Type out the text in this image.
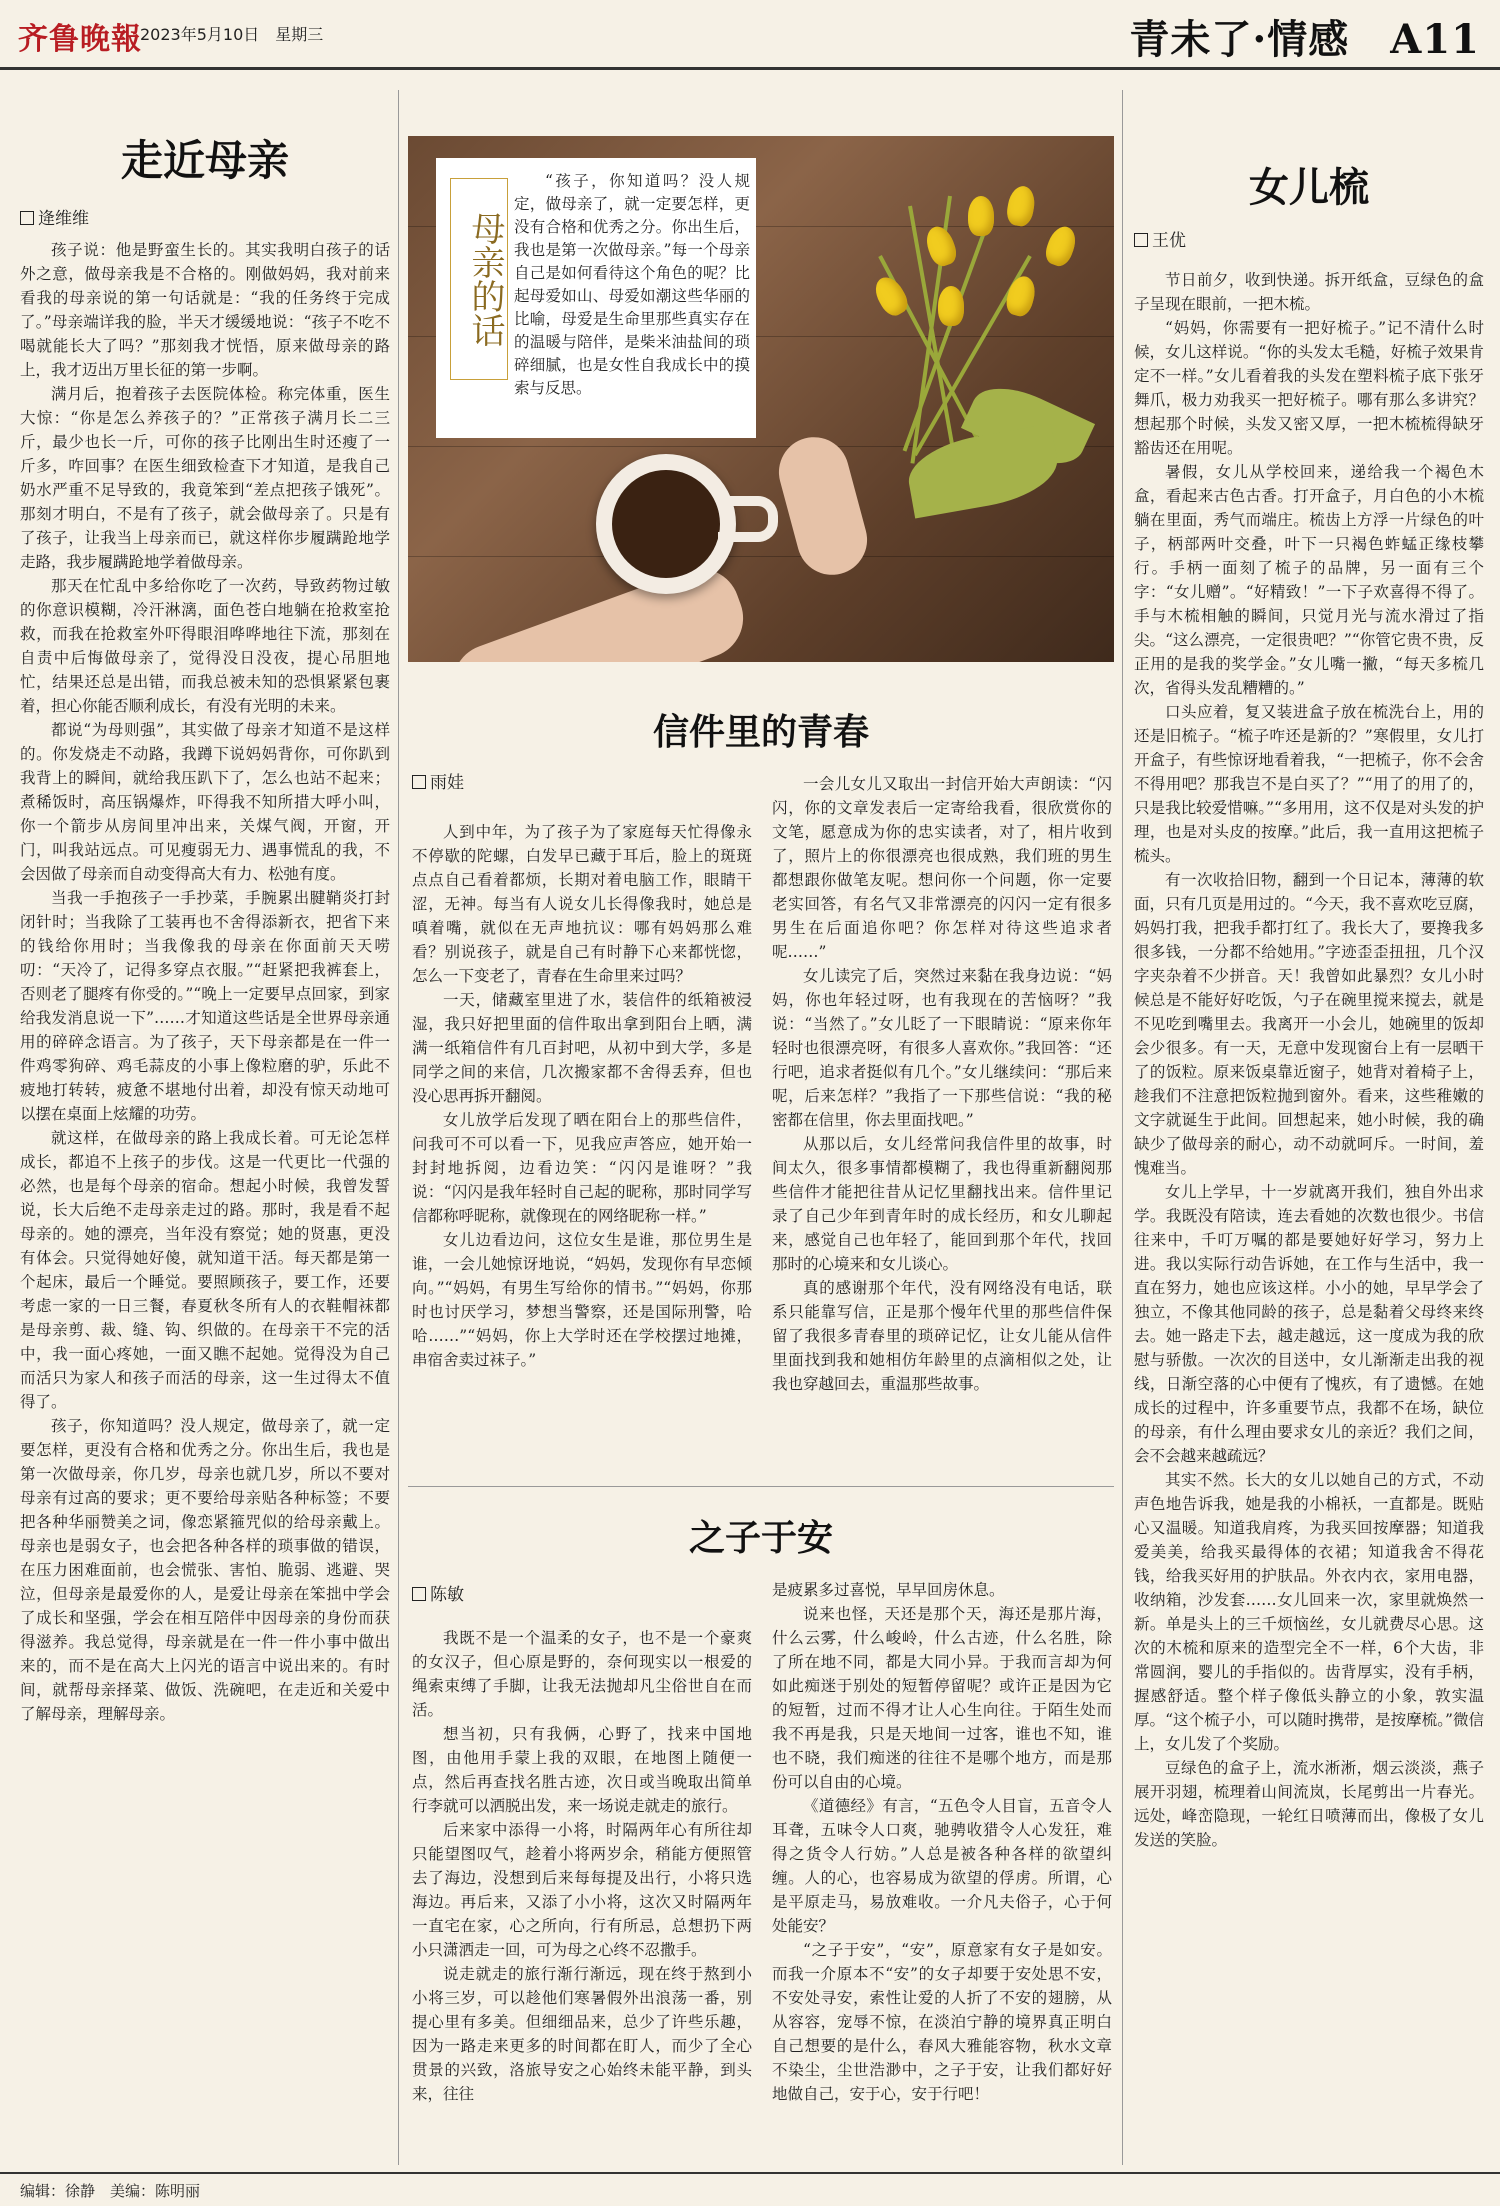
齐鲁晚報
2023年5月10日　星期三	青未了·情感　A11
走近母亲
逄维维

孩子说：他是野蛮生长的。其实我明白孩子的话外之意，做母亲我是不合格的。刚做妈妈，我对前来看我的母亲说的第一句话就是：“我的任务终于完成了。”母亲端详我的脸，半天才缓缓地说：“孩子不吃不喝就能长大了吗？”那刻我才恍悟，原来做母亲的路上，我才迈出万里长征的第一步啊。

满月后，抱着孩子去医院体检。称完体重，医生大惊：“你是怎么养孩子的？”正常孩子满月长二三斤，最少也长一斤，可你的孩子比刚出生时还瘦了一斤多，咋回事？在医生细致检查下才知道，是我自己奶水严重不足导致的，我竟笨到“差点把孩子饿死”。那刻才明白，不是有了孩子，就会做母亲了。只是有了孩子，让我当上母亲而已，就这样你步履蹒跄地学走路，我步履蹒跄地学着做母亲。

那天在忙乱中多给你吃了一次药，导致药物过敏的你意识模糊，冷汗淋漓，面色苍白地躺在抢救室抢救，而我在抢救室外吓得眼泪哗哗地往下流，那刻在自责中后悔做母亲了，觉得没日没夜，提心吊胆地忙，结果还总是出错，而我总被未知的恐惧紧紧包裹着，担心你能否顺利成长，有没有光明的未来。

都说“为母则强”，其实做了母亲才知道不是这样的。你发烧走不动路，我蹲下说妈妈背你，可你趴到我背上的瞬间，就给我压趴下了，怎么也站不起来；煮稀饭时，高压锅爆炸，吓得我不知所措大呼小叫，你一个箭步从房间里冲出来，关煤气阀，开窗，开门，叫我站远点。可见瘦弱无力、遇事慌乱的我，不会因做了母亲而自动变得高大有力、松弛有度。

当我一手抱孩子一手抄菜，手腕累出腱鞘炎打封闭针时；当我除了工装再也不舍得添新衣，把省下来的钱给你用时；当我像我的母亲在你面前天天唠叨：“天冷了，记得多穿点衣服。”“赶紧把我裤套上，否则老了腿疼有你受的。”“晚上一定要早点回家，到家给我发消息说一下”……才知道这些话是全世界母亲通用的碎碎念语言。为了孩子，天下母亲都是在一件一件鸡零狗碎、鸡毛蒜皮的小事上像粒磨的驴，乐此不疲地打转转，疲惫不堪地付出着，却没有惊天动地可以摆在桌面上炫耀的功劳。

就这样，在做母亲的路上我成长着。可无论怎样成长，都追不上孩子的步伐。这是一代更比一代强的必然，也是每个母亲的宿命。想起小时候，我曾发誓说，长大后绝不走母亲走过的路。那时，我是看不起母亲的。她的漂亮，当年没有察觉；她的贤惠，更没有体会。只觉得她好傻，就知道干活。每天都是第一个起床，最后一个睡觉。要照顾孩子，要工作，还要考虑一家的一日三餐，春夏秋冬所有人的衣鞋帽袜都是母亲剪、裁、缝、钩、织做的。在母亲干不完的活中，我一面心疼她，一面又瞧不起她。觉得没为自己而活只为家人和孩子而活的母亲，这一生过得太不值得了。

孩子，你知道吗？没人规定，做母亲了，就一定要怎样，更没有合格和优秀之分。你出生后，我也是第一次做母亲，你几岁，母亲也就几岁，所以不要对母亲有过高的要求；更不要给母亲贴各种标签；不要把各种华丽赞美之词，像恋紧箍咒似的给母亲戴上。母亲也是弱女子，也会把各种各样的琐事做的错误，在压力困难面前，也会慌张、害怕、脆弱、逃避、哭泣，但母亲是最爱你的人，是爱让母亲在笨拙中学会了成长和坚强，学会在相互陪伴中因母亲的身份而获得滋养。我总觉得，母亲就是在一件一件小事中做出来的，而不是在高大上闪光的语言中说出来的。有时间，就帮母亲择菜、做饭、洗碗吧，在走近和关爱中了解母亲，理解母亲。

母亲的话
“孩子，你知道吗？没人规定，做母亲了，就一定要怎样，更没有合格和优秀之分。你出生后，我也是第一次做母亲。”每一个母亲自己是如何看待这个角色的呢？比起母爱如山、母爱如潮这些华丽的比喻，母爱是生命里那些真实存在的温暖与陪伴，是柴米油盐间的琐碎细腻，也是女性自我成长中的摸索与反思。
信件里的青春
雨娃

人到中年，为了孩子为了家庭每天忙得像永不停歇的陀螺，白发早已藏于耳后，脸上的斑斑点点自己看着都烦，长期对着电脑工作，眼睛干涩，无神。每当有人说女儿长得像我时，她总是嗔着嘴，就似在无声地抗议：哪有妈妈那么难看？别说孩子，就是自己有时静下心来都恍惚，怎么一下变老了，青春在生命里来过吗？

一天，储藏室里进了水，装信件的纸箱被浸湿，我只好把里面的信件取出拿到阳台上晒，满满一纸箱信件有几百封吧，从初中到大学，多是同学之间的来信，几次搬家都不舍得丢弃，但也没心思再拆开翻阅。

女儿放学后发现了晒在阳台上的那些信件，问我可不可以看一下，见我应声答应，她开始一封封地拆阅，边看边笑：“闪闪是谁呀？”我说：“闪闪是我年轻时自己起的昵称，那时同学写信都称呼昵称，就像现在的网络昵称一样。”

女儿边看边问，这位女生是谁，那位男生是谁，一会儿她惊讶地说，“妈妈，发现你有早恋倾向。”“妈妈，有男生写给你的情书。”“妈妈，你那时也讨厌学习，梦想当警察，还是国际刑警，哈哈……”“妈妈，你上大学时还在学校摆过地摊，串宿舍卖过袜子。”

一会儿女儿又取出一封信开始大声朗读：“闪闪，你的文章发表后一定寄给我看，很欣赏你的文笔，愿意成为你的忠实读者，对了，相片收到了，照片上的你很漂亮也很成熟，我们班的男生都想跟你做笔友呢。想问你一个问题，你一定要老实回答，有名气又非常漂亮的闪闪一定有很多男生在后面追你吧？你怎样对待这些追求者呢……”

女儿读完了后，突然过来黏在我身边说：“妈妈，你也年轻过呀，也有我现在的苦恼呀？”我说：“当然了。”女儿眨了一下眼睛说：“原来你年轻时也很漂亮呀，有很多人喜欢你。”我回答：“还行吧，追求者挺似有几个。”女儿继续问：“那后来呢，后来怎样？”我指了一下那些信说：“我的秘密都在信里，你去里面找吧。”

从那以后，女儿经常问我信件里的故事，时间太久，很多事情都模糊了，我也得重新翻阅那些信件才能把往昔从记忆里翻找出来。信件里记录了自己少年到青年时的成长经历，和女儿聊起来，感觉自己也年轻了，能回到那个年代，找回那时的心境来和女儿谈心。

真的感谢那个年代，没有网络没有电话，联系只能靠写信，正是那个慢年代里的那些信件保留了我很多青春里的琐碎记忆，让女儿能从信件里面找到我和她相仿年龄里的点滴相似之处，让我也穿越回去，重温那些故事。

之子于安
陈敏

我既不是一个温柔的女子，也不是一个豪爽的女汉子，但心原是野的，奈何现实以一根爱的绳索束缚了手脚，让我无法抛却凡尘俗世自在而活。

想当初，只有我俩，心野了，找来中国地图，由他用手蒙上我的双眼，在地图上随便一点，然后再查找名胜古迹，次日或当晚取出简单行李就可以洒脱出发，来一场说走就走的旅行。

后来家中添得一小将，时隔两年心有所往却只能望图叹气，趁着小将两岁余，稍能方便照管去了海边，没想到后来每每提及出行，小将只选海边。再后来，又添了小小将，这次又时隔两年一直宅在家，心之所向，行有所忌，总想扔下两小只潇洒走一回，可为母之心终不忍撒手。

说走就走的旅行渐行渐远，现在终于熬到小小将三岁，可以趁他们寒暑假外出浪荡一番，别提心里有多美。但细细品来，总少了许些乐趣，因为一路走来更多的时间都在盯人，而少了全心贯景的兴致，洛旅导安之心始终未能平静，到头来，往往

是疲累多过喜悦，早早回房休息。

说来也怪，天还是那个天，海还是那片海，什么云雾，什么峻岭，什么古迹，什么名胜，除了所在地不同，都是大同小异。于我而言却为何如此痴迷于别处的短暂停留呢？或许正是因为它的短暂，过而不得才让人心生向往。于陌生处而我不再是我，只是天地间一过客，谁也不知，谁也不晓，我们痴迷的往往不是哪个地方，而是那份可以自由的心境。

《道德经》有言，“五色令人目盲，五音令人耳聋，五味令人口爽，驰骋收猎令人心发狂，难得之货令人行妨。”人总是被各种各样的欲望纠缠。人的心，也容易成为欲望的俘虏。所谓，心是平原走马，易放难收。一介凡夫俗子，心于何处能安？

“之子于安”，“安”，原意家有女子是如安。而我一介原本不“安”的女子却要于安处思不安，不安处寻安，索性让爱的人折了不安的翅膀，从从容容，宠辱不惊，在淡泊宁静的境界真正明白自己想要的是什么，春风大雅能容物，秋水文章不染尘，尘世浩渺中，之子于安，让我们都好好地做自己，安于心，安于行吧！

女儿梳
王优

节日前夕，收到快递。拆开纸盒，豆绿色的盒子呈现在眼前，一把木梳。

“妈妈，你需要有一把好梳子。”记不清什么时候，女儿这样说。“你的头发太毛糙，好梳子效果肯定不一样。”女儿看着我的头发在塑料梳子底下张牙舞爪，极力劝我买一把好梳子。哪有那么多讲究？想起那个时候，头发又密又厚，一把木梳梳得缺牙豁齿还在用呢。

暑假，女儿从学校回来，递给我一个褐色木盒，看起来古色古香。打开盒子，月白色的小木梳躺在里面，秀气而端庄。梳齿上方浮一片绿色的叶子，柄部两叶交叠，叶下一只褐色蚱蜢正缘枝攀行。手柄一面刻了梳子的品牌，另一面有三个字：“女儿赠”。“好精致！”一下子欢喜得不得了。手与木梳相触的瞬间，只觉月光与流水滑过了指尖。“这么漂亮，一定很贵吧？”“你管它贵不贵，反正用的是我的奖学金。”女儿嘴一撇，“每天多梳几次，省得头发乱糟糟的。”

口头应着，复又装进盒子放在梳洗台上，用的还是旧梳子。“梳子咋还是新的？”寒假里，女儿打开盒子，有些惊讶地看着我，“一把梳子，你不会舍不得用吧？那我岂不是白买了？”“用了的用了的，只是我比较爱惜嘛。”“多用用，这不仅是对头发的护理，也是对头皮的按摩。”此后，我一直用这把梳子梳头。

有一次收拾旧物，翻到一个日记本，薄薄的软面，只有几页是用过的。“今天，我不喜欢吃豆腐，妈妈打我，把我手都打红了。我长大了，要搀我多很多钱，一分都不给她用。”字迹歪歪扭扭，几个汉字夹杂着不少拼音。天！我曾如此暴烈？女儿小时候总是不能好好吃饭，勺子在碗里搅来搅去，就是不见吃到嘴里去。我离开一小会儿，她碗里的饭却会少很多。有一天，无意中发现窗台上有一层晒干了的饭粒。原来饭桌靠近窗子，她背对着椅子上，趁我们不注意把饭粒抛到窗外。看来，这些稚嫩的文字就诞生于此间。回想起来，她小时候，我的确缺少了做母亲的耐心，动不动就呵斥。一时间，羞愧难当。

女儿上学早，十一岁就离开我们，独自外出求学。我既没有陪读，连去看她的次数也很少。书信往来中，千叮万嘱的都是要她好好学习，努力上进。我以实际行动告诉她，在工作与生活中，我一直在努力，她也应该这样。小小的她，早早学会了独立，不像其他同龄的孩子，总是黏着父母终来终去。她一路走下去，越走越远，这一度成为我的欣慰与骄傲。一次次的目送中，女儿渐渐走出我的视线，日渐空落的心中便有了愧疚，有了遗憾。在她成长的过程中，许多重要节点，我都不在场，缺位的母亲，有什么理由要求女儿的亲近？我们之间，会不会越来越疏远？

其实不然。长大的女儿以她自己的方式，不动声色地告诉我，她是我的小棉袄，一直都是。既贴心又温暖。知道我肩疼，为我买回按摩器；知道我爱美美，给我买最得体的衣裙；知道我舍不得花钱，给我买好用的护肤品。外衣内衣，家用电器，收纳箱，沙发套……女儿回来一次，家里就焕然一新。单是头上的三千烦恼丝，女儿就费尽心思。这次的木梳和原来的造型完全不一样，6个大齿，非常圆润，婴儿的手指似的。齿背厚实，没有手柄，握感舒适。整个样子像低头静立的小象，敦实温厚。“这个梳子小，可以随时携带，是按摩梳。”微信上，女儿发了个奖励。

豆绿色的盒子上，流水淅淅，烟云淡淡，燕子展开羽翅，梳理着山间流岚，长尾剪出一片春光。远处，峰峦隐现，一轮红日喷薄而出，像极了女儿发送的笑脸。

编辑：徐静　美编：陈明丽
